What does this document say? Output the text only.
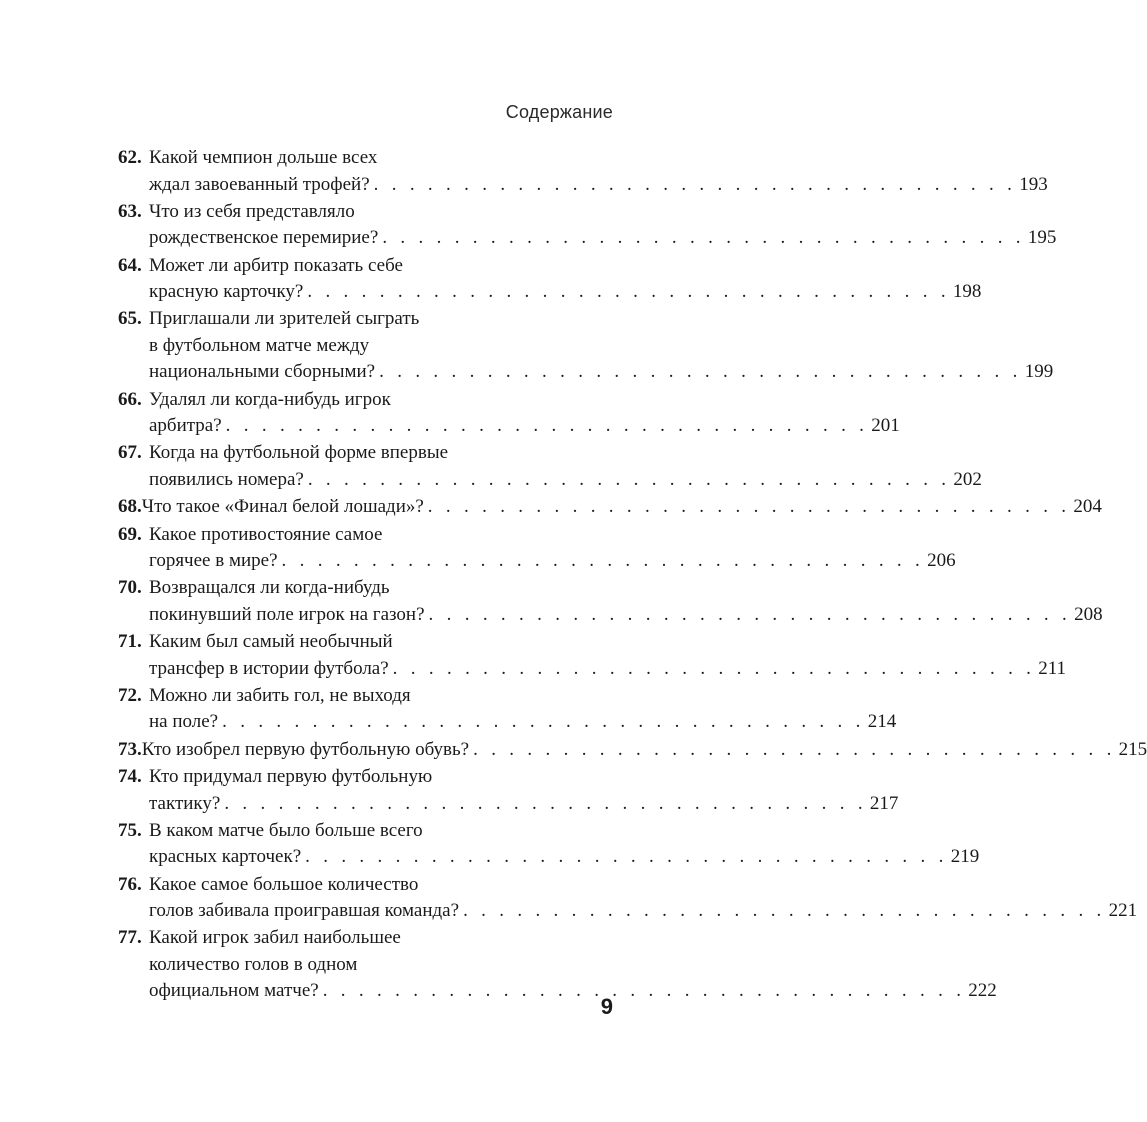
Содержание
62. Какой чемпион дольше всех
ждал завоеванный трофей? . . . . . . . . . . . . . . . . . . . . . . . . . . . . . . . . . . . . 193
63. Что из себя представляло
рождественское перемирие? . . . . . . . . . . . . . . . . . . . . . . . . . . . . . . . . . . . . 195
64. Может ли арбитр показать себе
красную карточку? . . . . . . . . . . . . . . . . . . . . . . . . . . . . . . . . . . . . 198
65. Приглашали ли зрителей сыграть
в футбольном матче между
национальными сборными? . . . . . . . . . . . . . . . . . . . . . . . . . . . . . . . . . . . . 199
66. Удалял ли когда-нибудь игрок
арбитра? . . . . . . . . . . . . . . . . . . . . . . . . . . . . . . . . . . . . 201
67. Когда на футбольной форме впервые
появились номера? . . . . . . . . . . . . . . . . . . . . . . . . . . . . . . . . . . . . 202
68. Что такое «Финал белой лошади»? . . . . . . . . . . . . . . . . . . . . . . . . . . . . . . . . . . . . 204
69. Какое противостояние самое
горячее в мире? . . . . . . . . . . . . . . . . . . . . . . . . . . . . . . . . . . . . 206
70. Возвращался ли когда-нибудь
покинувший поле игрок на газон? . . . . . . . . . . . . . . . . . . . . . . . . . . . . . . . . . . . . 208
71. Каким был самый необычный
трансфер в истории футбола? . . . . . . . . . . . . . . . . . . . . . . . . . . . . . . . . . . . . 211
72. Можно ли забить гол, не выходя
на поле? . . . . . . . . . . . . . . . . . . . . . . . . . . . . . . . . . . . . 214
73. Кто изобрел первую футбольную обувь? . . . . . . . . . . . . . . . . . . . . . . . . . . . . . . . . . . . . 215
74. Кто придумал первую футбольную
тактику? . . . . . . . . . . . . . . . . . . . . . . . . . . . . . . . . . . . . 217
75. В каком матче было больше всего
красных карточек? . . . . . . . . . . . . . . . . . . . . . . . . . . . . . . . . . . . . 219
76. Какое самое большое количество
голов забивала проигравшая команда? . . . . . . . . . . . . . . . . . . . . . . . . . . . . . . . . . . . . 221
77. Какой игрок забил наибольшее
количество голов в одном
официальном матче? . . . . . . . . . . . . . . . . . . . . . . . . . . . . . . . . . . . . 222
9
